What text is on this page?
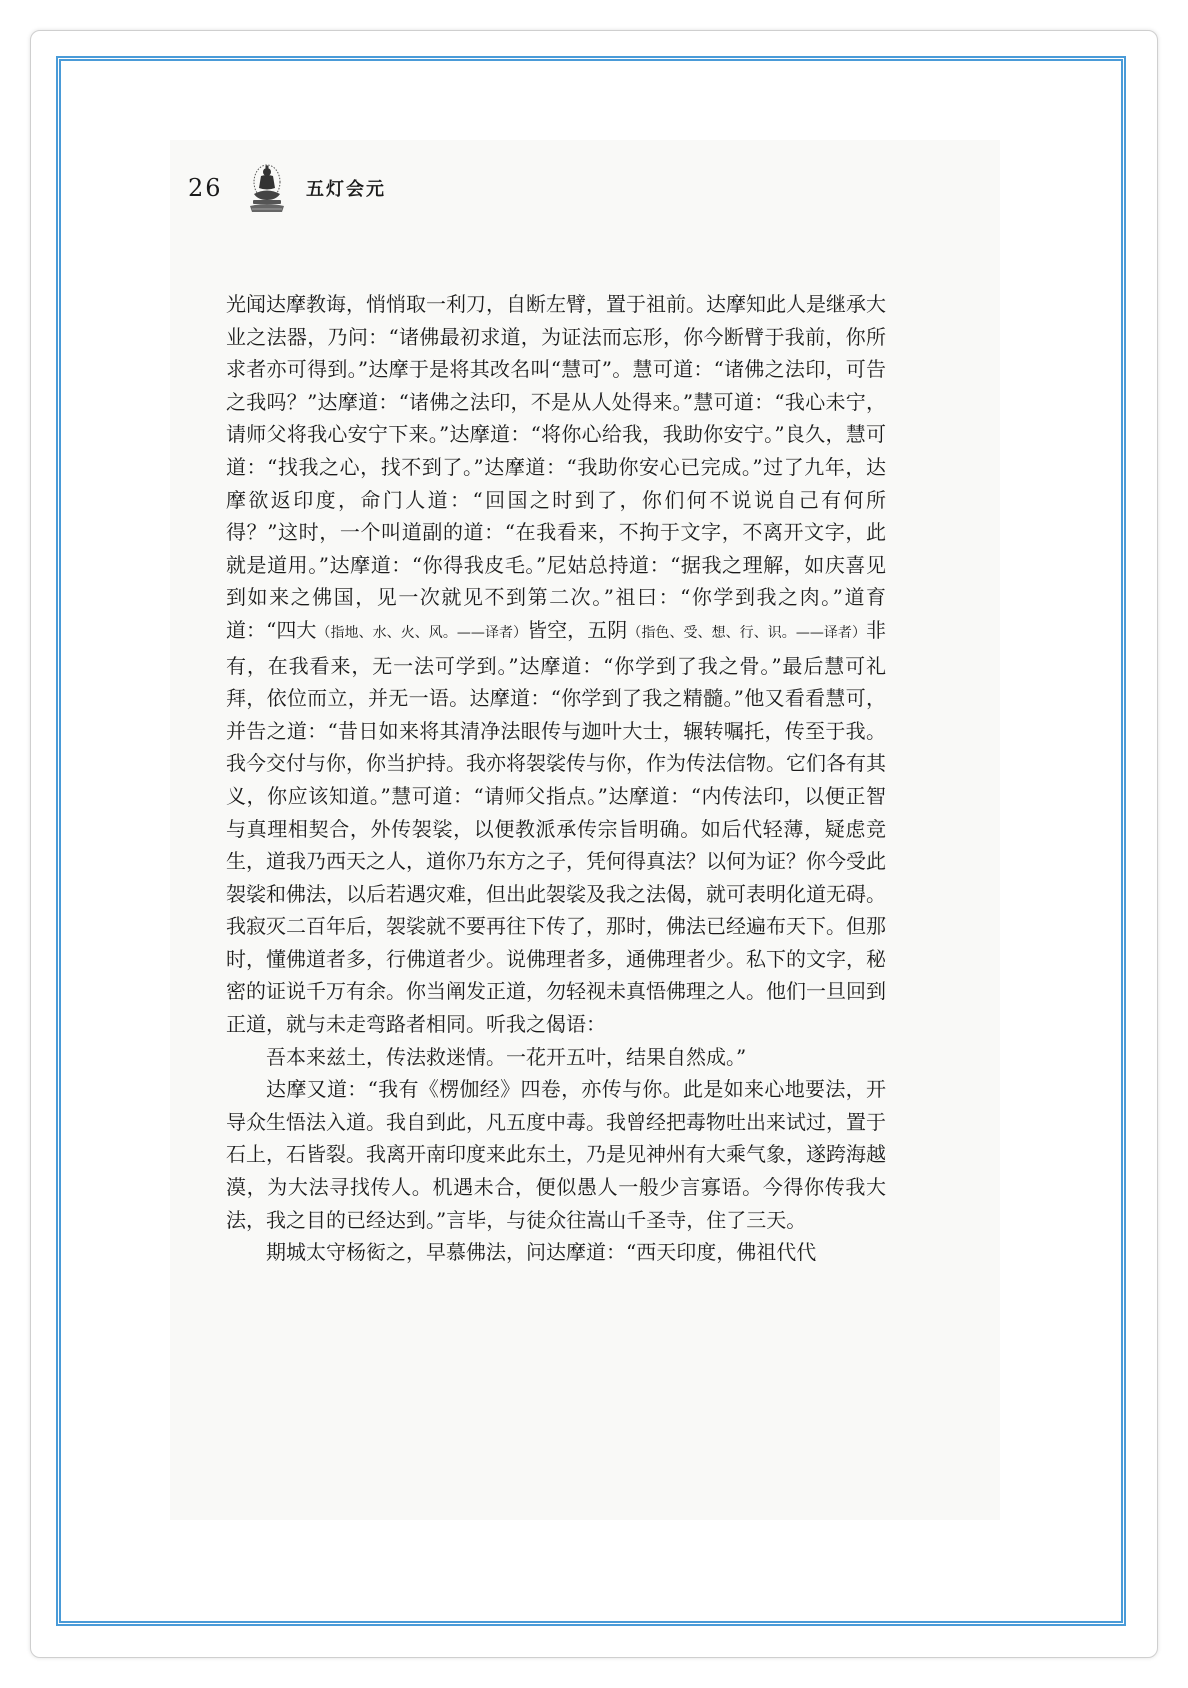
26	五灯会元

光闻达摩教诲，悄悄取一利刀，自断左臂，置于祖前。达摩知此人是继承大业之法器，乃问：“诸佛最初求道，为证法而忘形，你今断臂于我前，你所求者亦可得到。”达摩于是将其改名叫“慧可”。慧可道：“诸佛之法印，可告之我吗？”达摩道：“诸佛之法印，不是从人处得来。”慧可道：“我心未宁，请师父将我心安宁下来。”达摩道：“将你心给我，我助你安宁。”良久，慧可道：“找我之心，找不到了。”达摩道：“我助你安心已完成。”过了九年，达摩欲返印度，命门人道：“回国之时到了，你们何不说说自己有何所得？”这时，一个叫道副的道：“在我看来，不拘于文字，不离开文字，此就是道用。”达摩道：“你得我皮毛。”尼姑总持道：“据我之理解，如庆喜见到如来之佛国，见一次就见不到第二次。”祖曰：“你学到我之肉。”道育道：“四大（指地、水、火、风。——译者）皆空，五阴（指色、受、想、行、识。——译者）非有，在我看来，无一法可学到。”达摩道：“你学到了我之骨。”最后慧可礼拜，依位而立，并无一语。达摩道：“你学到了我之精髓。”他又看看慧可，并告之道：“昔日如来将其清净法眼传与迦叶大士，辗转嘱托，传至于我。我今交付与你，你当护持。我亦将袈裟传与你，作为传法信物。它们各有其义，你应该知道。”慧可道：“请师父指点。”达摩道：“内传法印，以便正智与真理相契合，外传袈裟，以便教派承传宗旨明确。如后代轻薄，疑虑竞生，道我乃西天之人，道你乃东方之子，凭何得真法？以何为证？你今受此袈裟和佛法，以后若遇灾难，但出此袈裟及我之法偈，就可表明化道无碍。我寂灭二百年后，袈裟就不要再往下传了，那时，佛法已经遍布天下。但那时，懂佛道者多，行佛道者少。说佛理者多，通佛理者少。私下的文字，秘密的证说千万有余。你当阐发正道，勿轻视未真悟佛理之人。他们一旦回到正道，就与未走弯路者相同。听我之偈语：

吾本来兹土，传法救迷情。一花开五叶，结果自然成。”

达摩又道：“我有《楞伽经》四卷，亦传与你。此是如来心地要法，开导众生悟法入道。我自到此，凡五度中毒。我曾经把毒物吐出来试过，置于石上，石皆裂。我离开南印度来此东土，乃是见神州有大乘气象，遂跨海越漠，为大法寻找传人。机遇未合，便似愚人一般少言寡语。今得你传我大法，我之目的已经达到。”言毕，与徒众往嵩山千圣寺，住了三天。

期城太守杨衒之，早慕佛法，问达摩道：“西天印度，佛祖代代
